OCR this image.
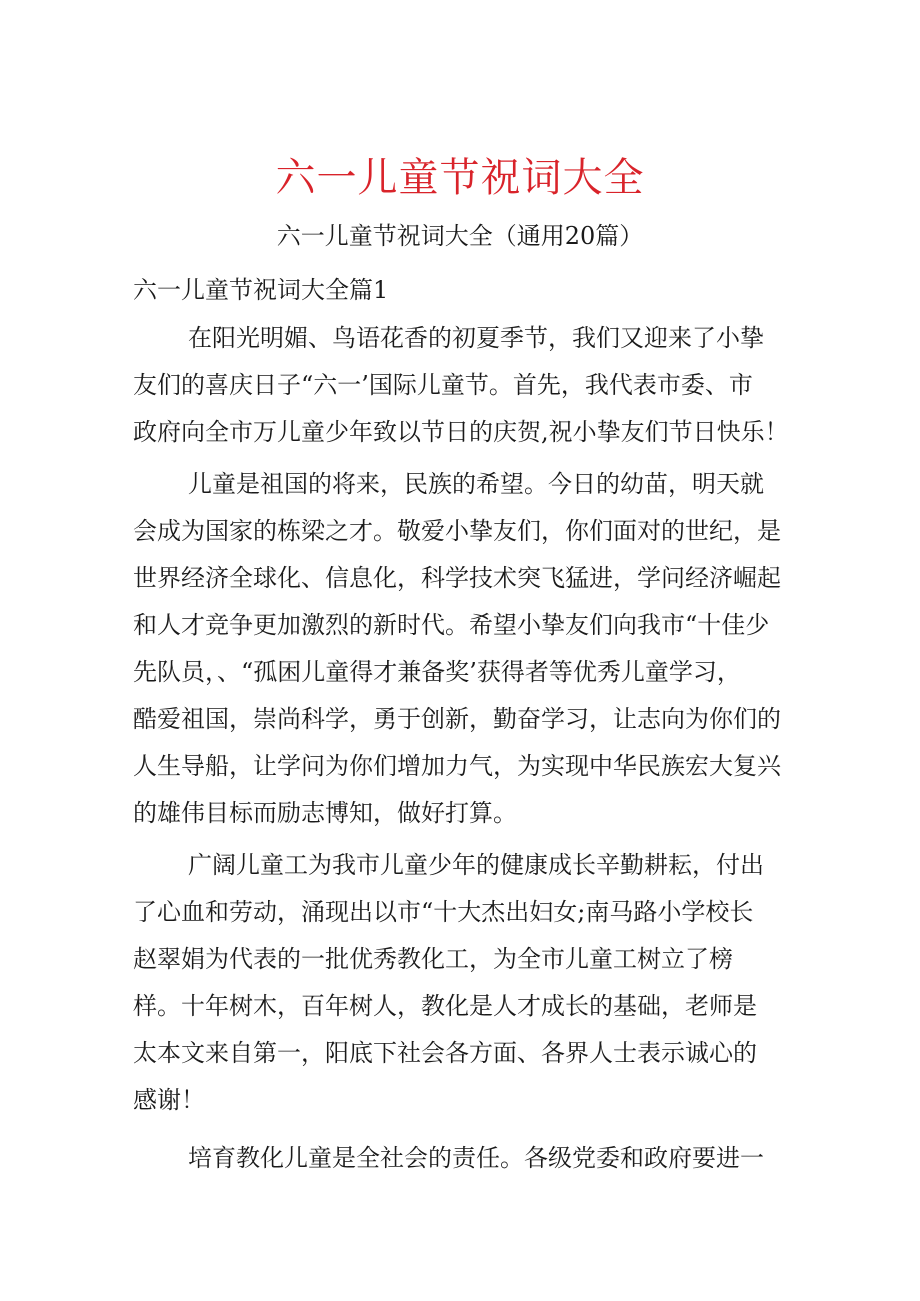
六一儿童节祝词大全

六一儿童节祝词大全（通用20篇）

六一儿童节祝词大全篇1

在阳光明媚、鸟语花香的初夏季节，我们又迎来了小挚

友们的喜庆日子“六一’国际儿童节。首先，我代表市委、市

政府向全市万儿童少年致以节日的庆贺,祝小挚友们节日快乐！

儿童是祖国的将来，民族的希望。今日的幼苗，明天就

会成为国家的栋梁之才。敬爱小挚友们，你们面对的世纪，是

世界经济全球化、信息化，科学技术突飞猛进，学问经济崛起

和人才竞争更加激烈的新时代。希望小挚友们向我市“十佳少

先队员，、“孤困儿童得才兼备奖’获得者等优秀儿童学习，

酷爱祖国，崇尚科学，勇于创新，勤奋学习，让志向为你们的

人生导船，让学问为你们增加力气，为实现中华民族宏大复兴

的雄伟目标而励志博知，做好打算。

广阔儿童工为我市儿童少年的健康成长辛勤耕耘，付出

了心血和劳动，涌现出以市“十大杰出妇女;南马路小学校长

赵翠娟为代表的一批优秀教化工，为全市儿童工树立了榜

样。十年树木，百年树人，教化是人才成长的基础，老师是

太本文来自第一，阳底下社会各方面、各界人士表示诚心的

感谢！

培育教化儿童是全社会的责任。各级党委和政府要进一
